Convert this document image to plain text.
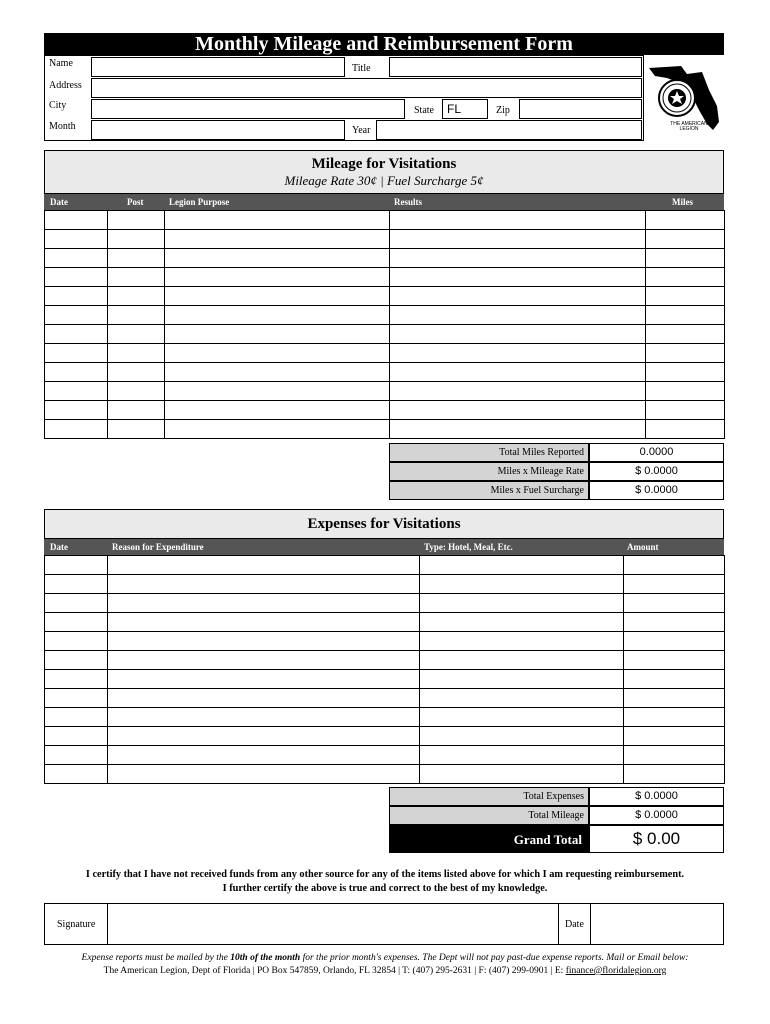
Monthly Mileage and Reimbursement Form
Name	Title
Address
City	State	FL	Zip
Month	Year
THE AMERICAN
LEGION
Mileage for Visitations
Mileage Rate 30¢ | Fuel Surcharge 5¢
Date	Post	Legion Purpose	Results	Miles

Total Miles Reported	0.0000
Miles x Mileage Rate	$ 0.0000
Miles x Fuel Surcharge	$ 0.0000
Expenses for Visitations
Date	Reason for Expenditure	Type: Hotel, Meal, Etc.	Amount

Total Expenses	$ 0.0000
Total Mileage	$ 0.0000
Grand Total	$ 0.00
I certify that I have not received funds from any other source for any of the items listed above for which I am requesting reimbursement.
I further certify the above is true and correct to the best of my knowledge.
Signature	Date
Expense reports must be mailed by the 10th of the month for the prior month's expenses. The Dept will not pay past-due expense reports. Mail or Email below:
The American Legion, Dept of Florida | PO Box 547859, Orlando, FL 32854 | T: (407) 295-2631 | F: (407) 299-0901 | E: finance@floridalegion.org
